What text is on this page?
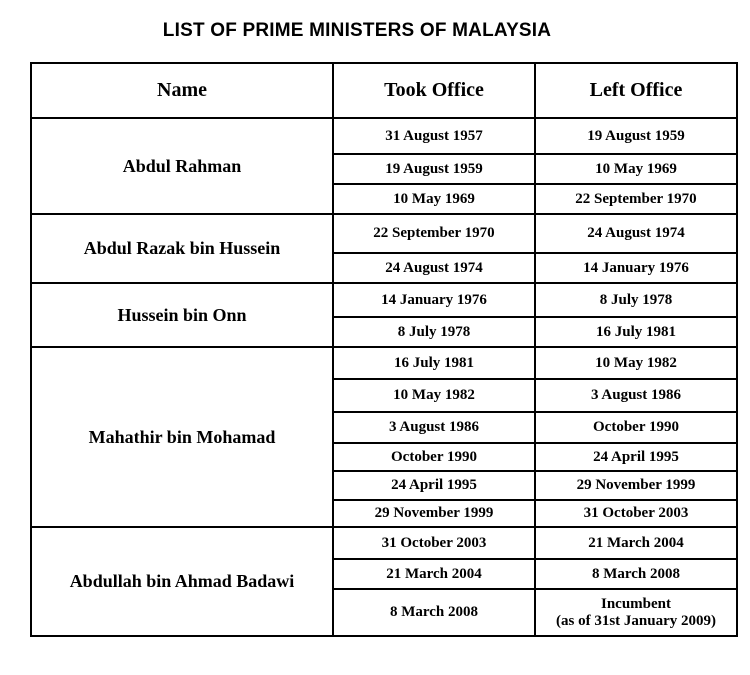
LIST OF PRIME MINISTERS OF MALAYSIA
Name	Took Office	Left Office
Abdul Rahman	31 August 1957	19 August 1959
	19 August 1959	10 May 1969
	10 May 1969	22 September 1970
Abdul Razak bin Hussein	22 September 1970	24 August 1974
	24 August 1974	14 January 1976
Hussein bin Onn	14 January 1976	8 July 1978
	8 July 1978	16 July 1981
Mahathir bin Mohamad	16 July 1981	10 May 1982
	10 May 1982	3 August 1986
	3 August 1986	October 1990
	October 1990	24 April 1995
	24 April 1995	29 November 1999
	29 November 1999	31 October 2003
Abdullah bin Ahmad Badawi	31 October 2003	21 March 2004
	21 March 2004	8 March 2008
	8 March 2008	Incumbent
(as of 31st January 2009)
